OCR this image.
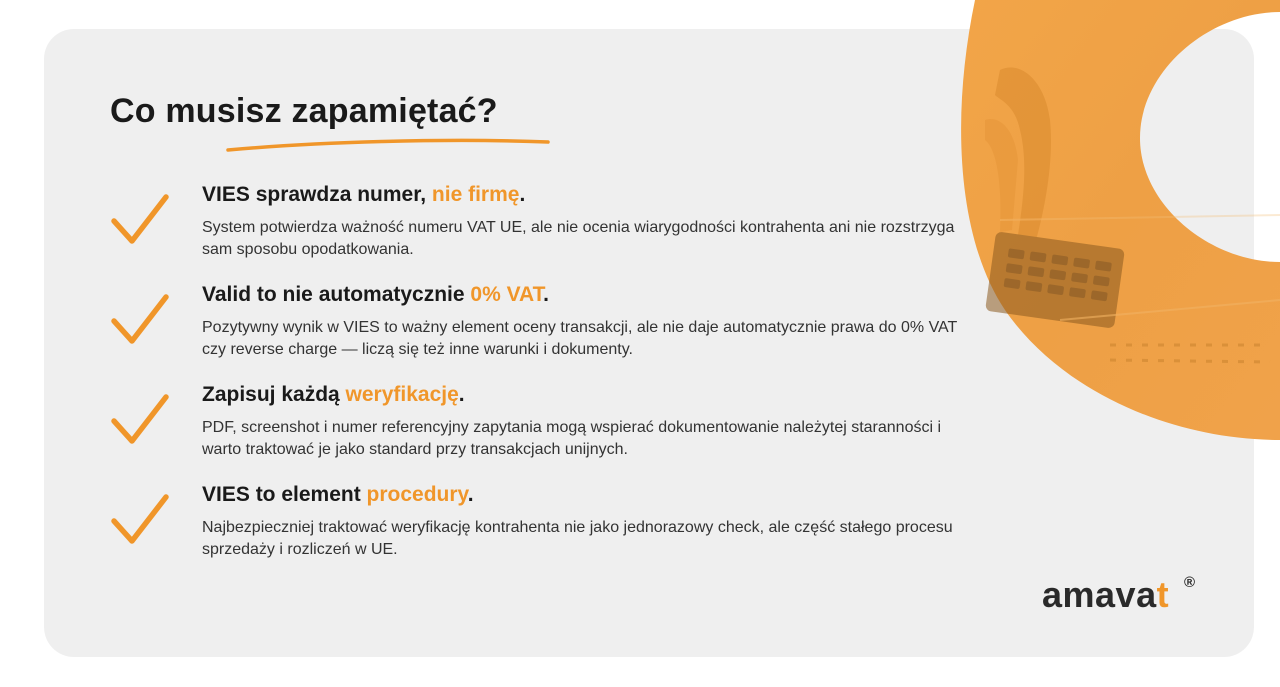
Co musisz zapamiętać?

VIES sprawdza numer, nie firmę.

System potwierdza ważność numeru VAT UE, ale nie ocenia wiarygodności kontrahenta ani nie rozstrzyga sam sposobu opodatkowania.

Valid to nie automatycznie 0% VAT.

Pozytywny wynik w VIES to ważny element oceny transakcji, ale nie daje automatycznie prawa do 0% VAT czy reverse charge — liczą się też inne warunki i dokumenty.

Zapisuj każdą weryfikację.

PDF, screenshot i numer referencyjny zapytania mogą wspierać dokumentowanie należytej staranności i warto traktować je jako standard przy transakcjach unijnych.

VIES to element procedury.

Najbezpieczniej traktować weryfikację kontrahenta nie jako jednorazowy check, ale część stałego procesu sprzedaży i rozliczeń w UE.

amavat ®
